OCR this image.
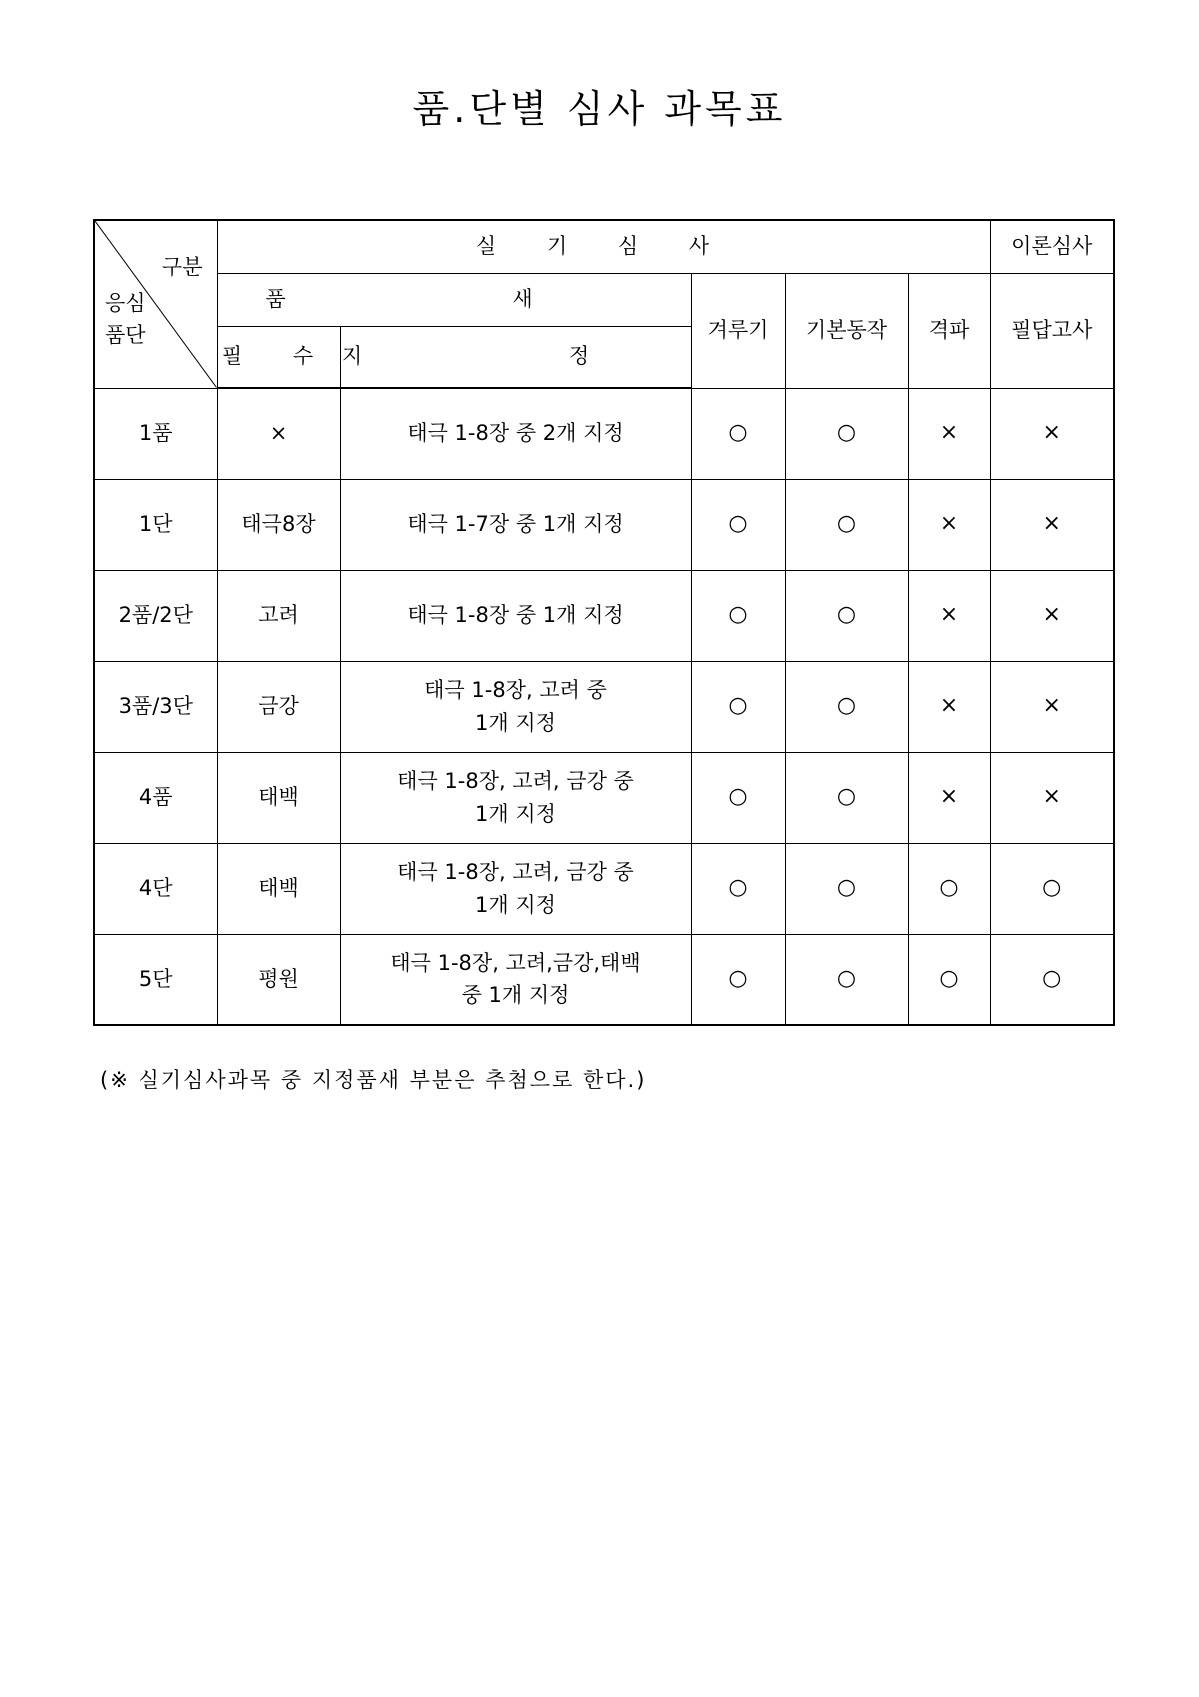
품.단별 심사 과목표
구분
응심
품단	실 기 심 사					이론심사
	품 새		겨루기	기본동작	격파	필답고사
	필 수	지 정				
1품	×	태극 1-8장 중 2개 지정	○	○	×	×
1단	태극8장	태극 1-7장 중 1개 지정	○	○	×	×
2품/2단	고려	태극 1-8장 중 1개 지정	○	○	×	×
3품/3단	금강	태극 1-8장, 고려 중
1개 지정	○	○	×	×
4품	태백	태극 1-8장, 고려, 금강 중
1개 지정	○	○	×	×
4단	태백	태극 1-8장, 고려, 금강 중
1개 지정	○	○	○	○
5단	평원	태극 1-8장, 고려,금강,태백
중 1개 지정	○	○	○	○
(※ 실기심사과목 중 지정품새 부분은 추첨으로 한다.)
